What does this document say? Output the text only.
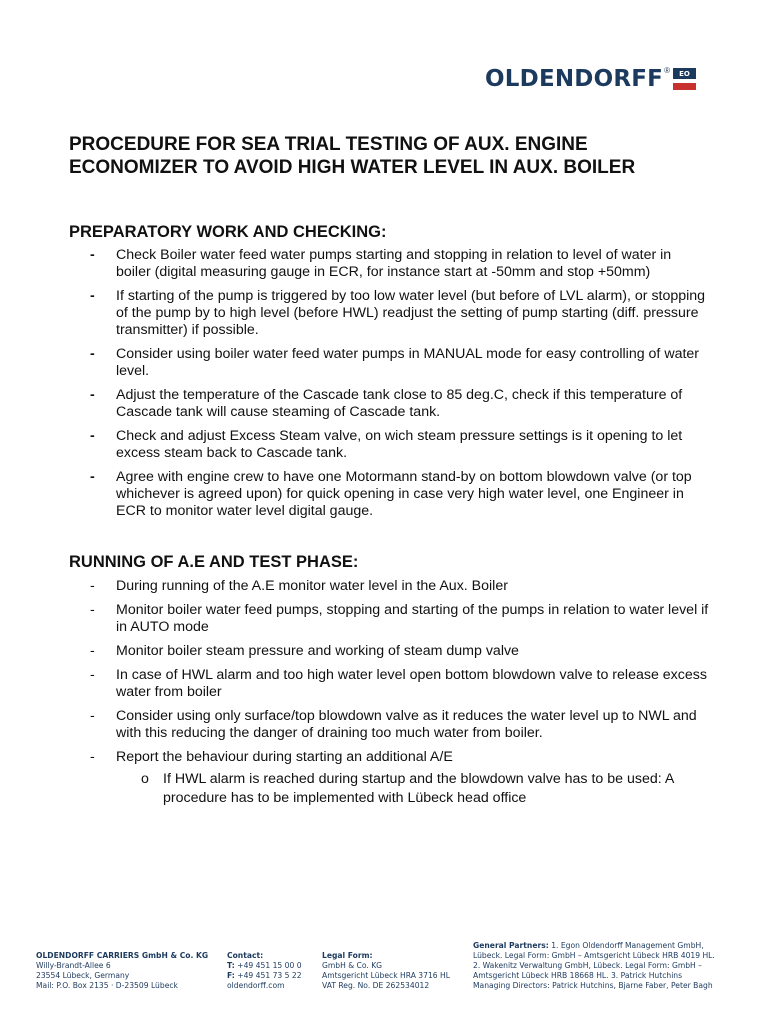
OLDENDORFF ®	EO
PROCEDURE FOR SEA TRIAL TESTING OF AUX. ENGINE
ECONOMIZER TO AVOID HIGH WATER LEVEL IN AUX. BOILER
PREPARATORY WORK AND CHECKING:
- Check Boiler water feed water pumps starting and stopping in relation to level of water in boiler (digital measuring gauge in ECR, for instance start at -50mm and stop +50mm)
- If starting of the pump is triggered by too low water level (but before of LVL alarm), or stopping of the pump by to high level (before HWL) readjust the setting of pump starting (diff. pressure transmitter) if possible.
- Consider using boiler water feed water pumps in MANUAL mode for easy controlling of water level.
- Adjust the temperature of the Cascade tank close to 85 deg.C, check if this temperature of Cascade tank will cause steaming of Cascade tank.
- Check and adjust Excess Steam valve, on wich steam pressure settings is it opening to let excess steam back to Cascade tank.
- Agree with engine crew to have one Motormann stand-by on bottom blowdown valve (or top whichever is agreed upon) for quick opening in case very high water level, one Engineer in ECR to monitor water level digital gauge.
RUNNING OF A.E AND TEST PHASE:
- During running of the A.E monitor water level in the Aux. Boiler
- Monitor boiler water feed pumps, stopping and starting of the pumps in relation to water level if in AUTO mode
- Monitor boiler steam pressure and working of steam dump valve
- In case of HWL alarm and too high water level open bottom blowdown valve to release excess water from boiler
- Consider using only surface/top blowdown valve as it reduces the water level up to NWL and with this reducing the danger of draining too much water from boiler.
- Report the behaviour during starting an additional A/E
o If HWL alarm is reached during startup and the blowdown valve has to be used: A procedure has to be implemented with Lübeck head office
OLDENDORFF CARRIERS GmbH & Co. KG
Willy-Brandt-Allee 6
23554 Lübeck, Germany
Mail: P.O. Box 2135 · D-23509 Lübeck
Contact:
T: +49 451 15 00 0
F: +49 451 73 5 22
oldendorff.com
Legal Form:
GmbH & Co. KG
Amtsgericht Lübeck HRA 3716 HL
VAT Reg. No. DE 262534012
General Partners: 1. Egon Oldendorff Management GmbH,
Lübeck. Legal Form: GmbH – Amtsgericht Lübeck HRB 4019 HL.
2. Wakenitz Verwaltung GmbH, Lübeck. Legal Form: GmbH –
Amtsgericht Lübeck HRB 18668 HL. 3. Patrick Hutchins
Managing Directors: Patrick Hutchins, Bjarne Faber, Peter Bagh
